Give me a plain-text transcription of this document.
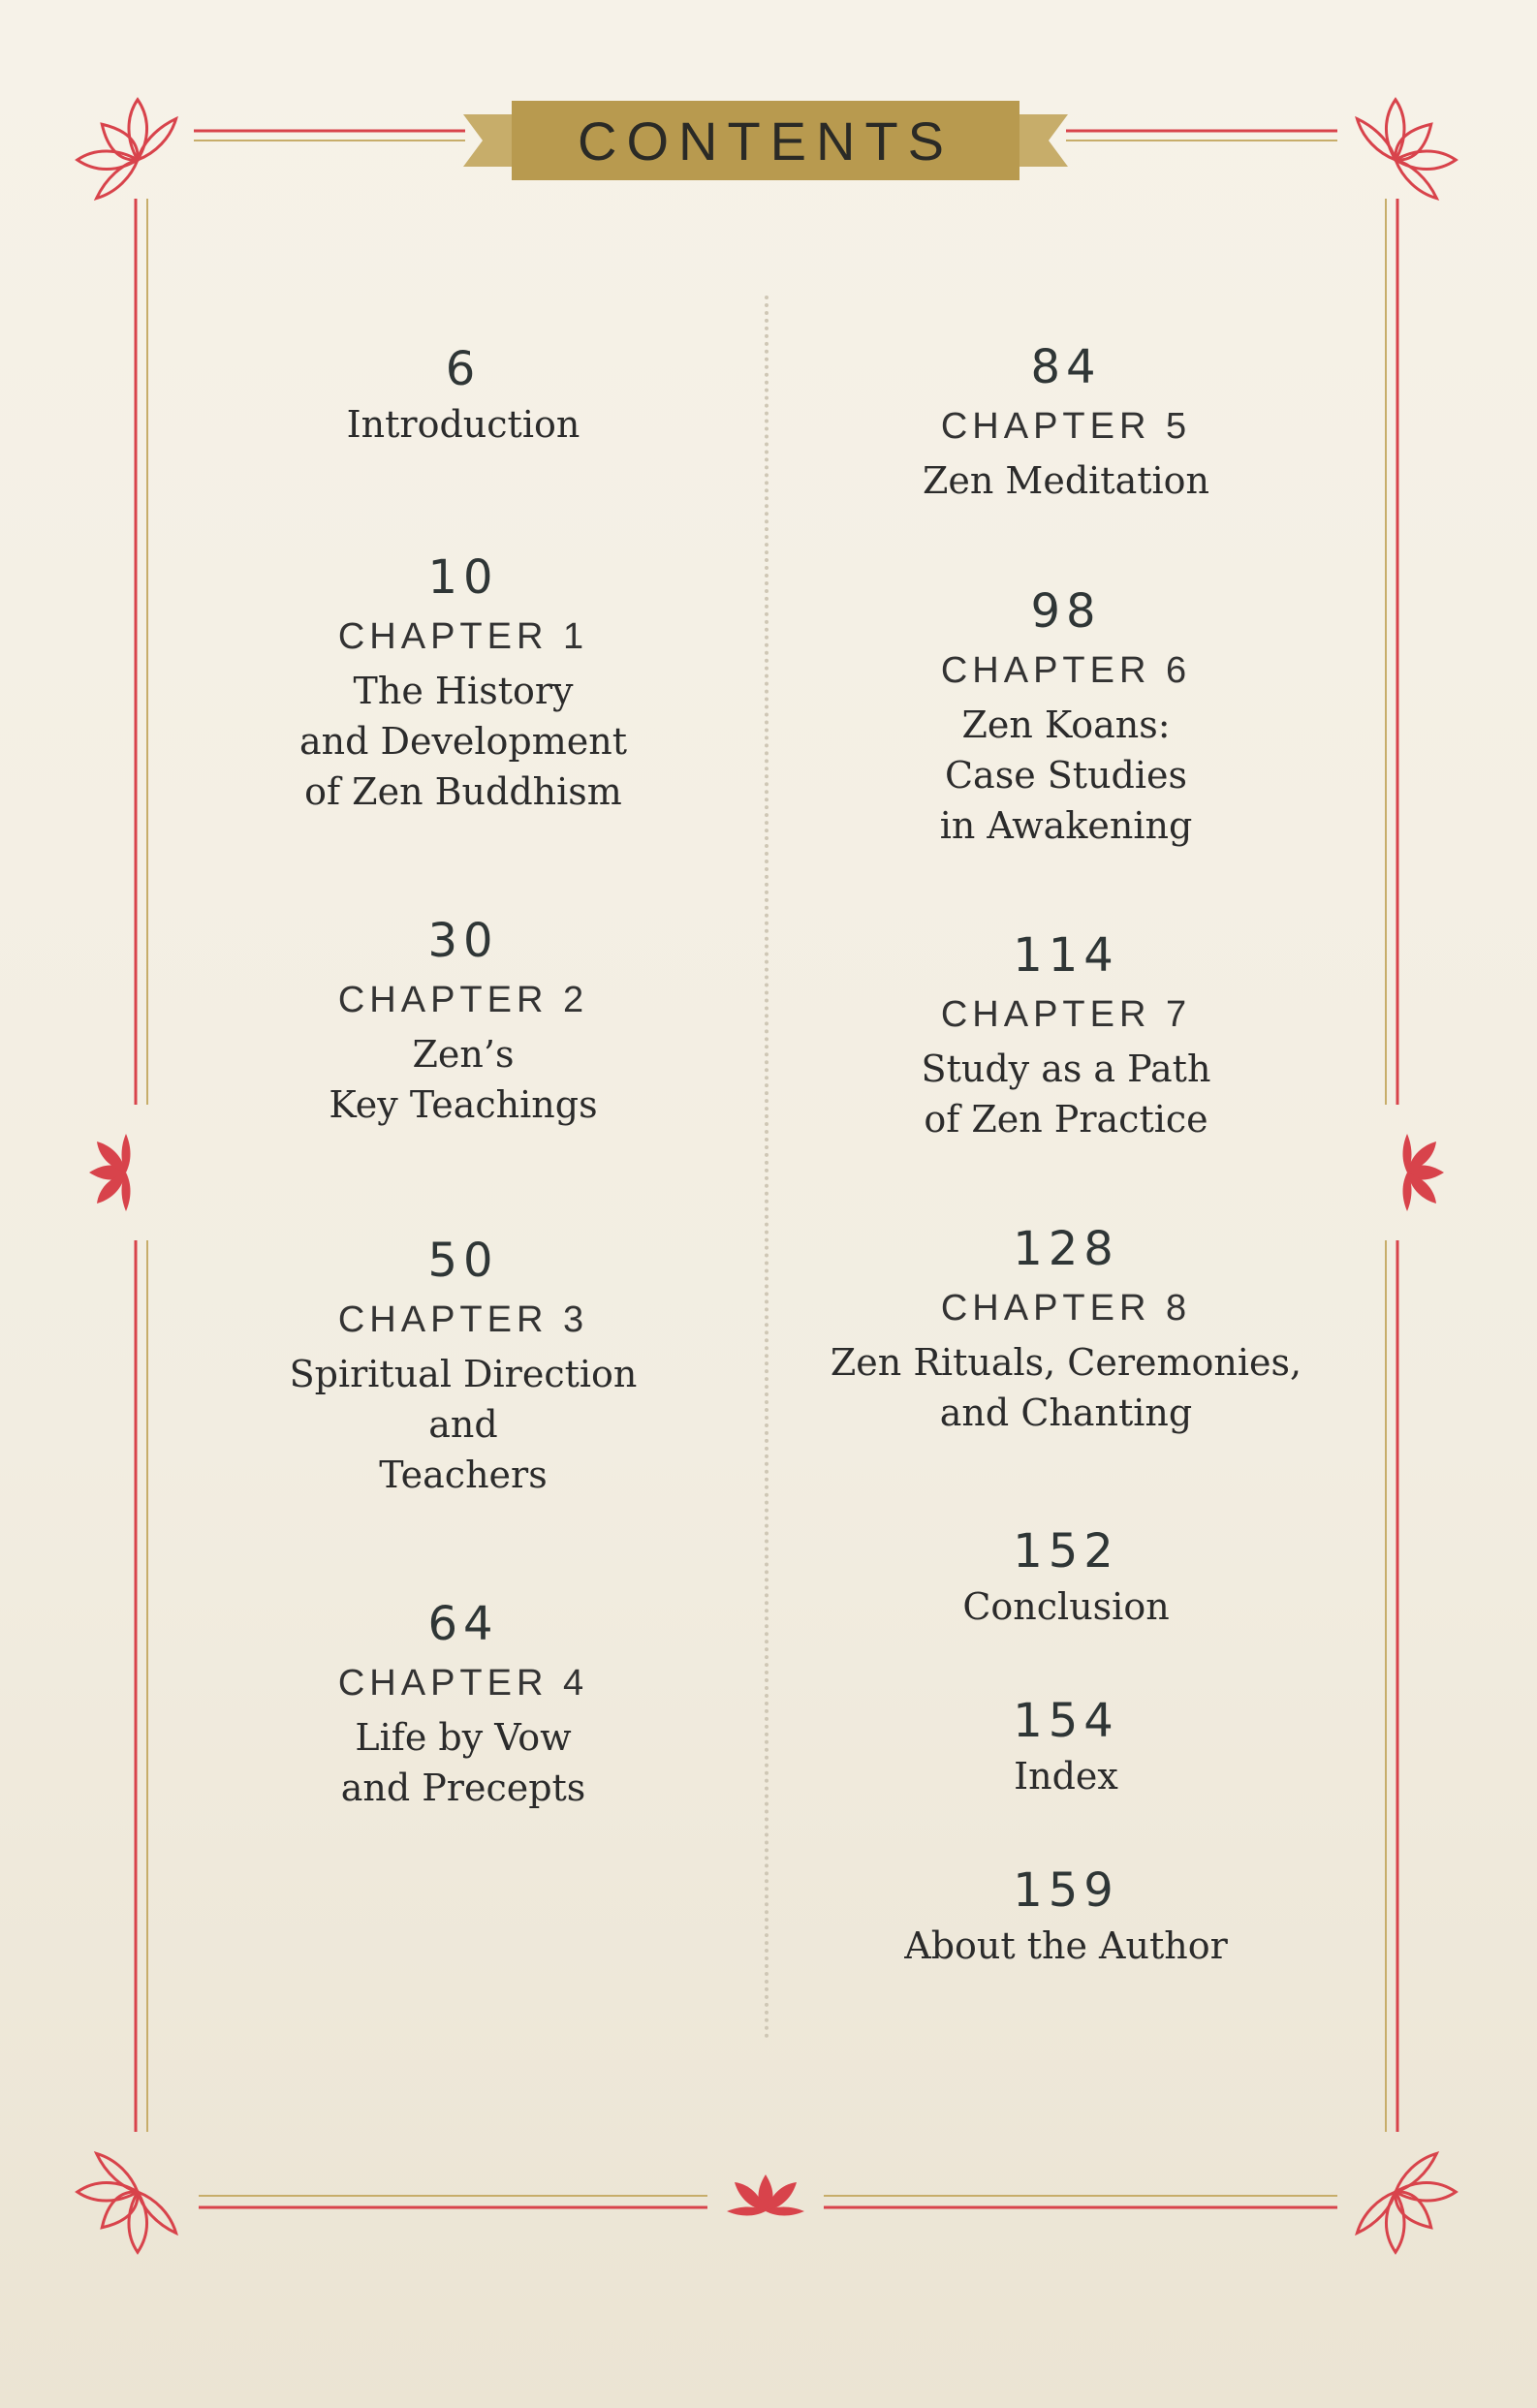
CONTENTS
6
Introduction
10
CHAPTER 1
The History
and Development
of Zen Buddhism
30
CHAPTER 2
Zen’s
Key Teachings
50
CHAPTER 3
Spiritual Direction
and
Teachers
64
CHAPTER 4
Life by Vow
and Precepts
84
CHAPTER 5
Zen Meditation
98
CHAPTER 6
Zen Koans:
Case Studies
in Awakening
114
CHAPTER 7
Study as a Path
of Zen Practice
128
CHAPTER 8
Zen Rituals, Ceremonies,
and Chanting
152
Conclusion
154
Index
159
About the Author
